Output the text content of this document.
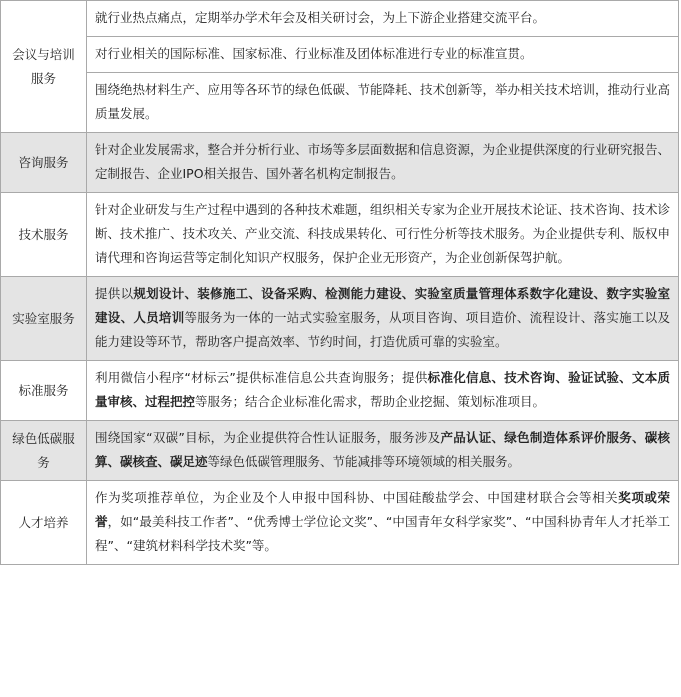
会议与培训服务	就行业热点痛点，定期举办学术年会及相关研讨会，为上下游企业搭建交流平台。
	对行业相关的国际标准、国家标准、行业标准及团体标准进行专业的标准宣贯。
	围绕绝热材料生产、应用等各环节的绿色低碳、节能降耗、技术创新等，举办相关技术培训，推动行业高质量发展。
咨询服务	针对企业发展需求，整合并分析行业、市场等多层面数据和信息资源，为企业提供深度的行业研究报告、定制报告、企业IPO相关报告、国外著名机构定制报告。
技术服务	针对企业研发与生产过程中遇到的各种技术难题，组织相关专家为企业开展技术论证、技术咨询、技术诊断、技术推广、技术攻关、产业交流、科技成果转化、可行性分析等技术服务。为企业提供专利、版权申请代理和咨询运营等定制化知识产权服务，保护企业无形资产，为企业创新保驾护航。
实验室服务	提供以规划设计、装修施工、设备采购、检测能力建设、实验室质量管理体系数字化建设、数字实验室建设、人员培训等服务为一体的一站式实验室服务，从项目咨询、项目造价、流程设计、落实施工以及能力建设等环节，帮助客户提高效率、节约时间，打造优质可靠的实验室。
标准服务	利用微信小程序“材标云”提供标准信息公共查询服务；提供标准化信息、技术咨询、验证试验、文本质量审核、过程把控等服务；结合企业标准化需求，帮助企业挖掘、策划标准项目。
绿色低碳服务	围绕国家“双碳”目标，为企业提供符合性认证服务，服务涉及产品认证、绿色制造体系评价服务、碳核算、碳核查、碳足迹等绿色低碳管理服务、节能减排等环境领域的相关服务。
人才培养	作为奖项推荐单位，为企业及个人申报中国科协、中国硅酸盐学会、中国建材联合会等相关奖项或荣誉，如“最美科技工作者”、“优秀博士学位论文奖”、“中国青年女科学家奖”、“中国科协青年人才托举工程”、“建筑材料科学技术奖”等。
